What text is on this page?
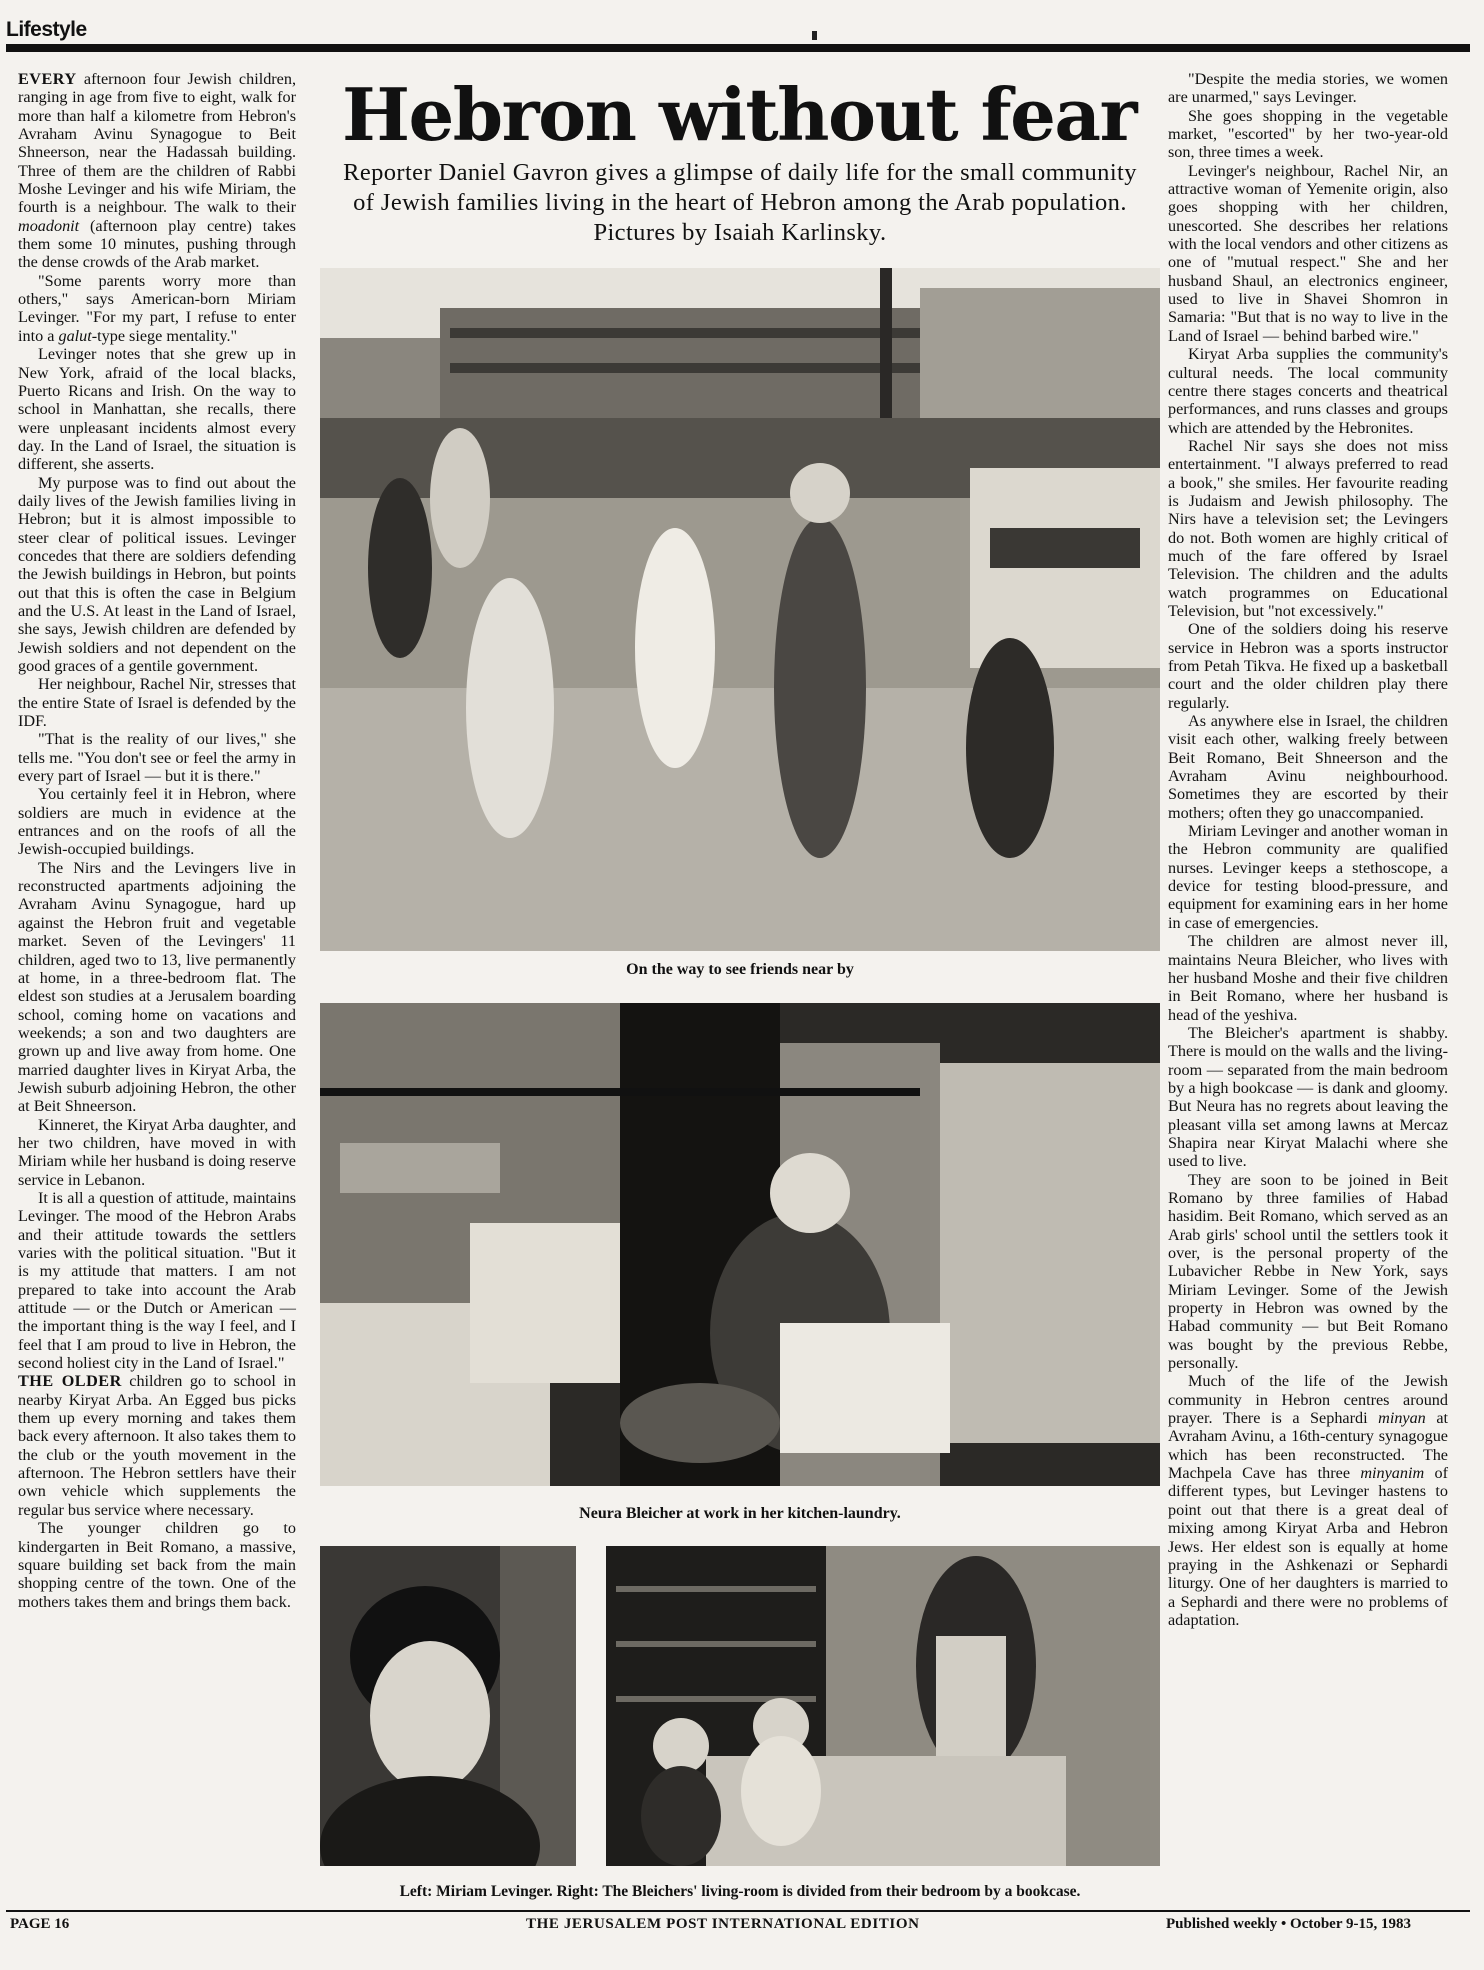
Lifestyle

EVERY afternoon four Jewish children, ranging in age from five to eight, walk for more than half a kilometre from Hebron's Avraham Avinu Synagogue to Beit Shneerson, near the Hadassah building. Three of them are the children of Rabbi Moshe Levinger and his wife Miriam, the fourth is a neighbour. The walk to their moadonit (afternoon play centre) takes them some 10 minutes, pushing through the dense crowds of the Arab market.

"Some parents worry more than others," says American-born Miriam Levinger. "For my part, I refuse to enter into a galut-type siege mentality."

Levinger notes that she grew up in New York, afraid of the local blacks, Puerto Ricans and Irish. On the way to school in Manhattan, she recalls, there were unpleasant incidents almost every day. In the Land of Israel, the situation is different, she asserts.

My purpose was to find out about the daily lives of the Jewish families living in Hebron; but it is almost impossible to steer clear of political issues. Levinger concedes that there are soldiers defending the Jewish buildings in Hebron, but points out that this is often the case in Belgium and the U.S. At least in the Land of Israel, she says, Jewish children are defended by Jewish soldiers and not dependent on the good graces of a gentile government.

Her neighbour, Rachel Nir, stresses that the entire State of Israel is defended by the IDF.

"That is the reality of our lives," she tells me. "You don't see or feel the army in every part of Israel — but it is there."

You certainly feel it in Hebron, where soldiers are much in evidence at the entrances and on the roofs of all the Jewish-occupied buildings.

The Nirs and the Levingers live in reconstructed apartments adjoining the Avraham Avinu Synagogue, hard up against the Hebron fruit and vegetable market. Seven of the Levingers' 11 children, aged two to 13, live permanently at home, in a three-bedroom flat. The eldest son studies at a Jerusalem boarding school, coming home on vacations and weekends; a son and two daughters are grown up and live away from home. One married daughter lives in Kiryat Arba, the Jewish suburb adjoining Hebron, the other at Beit Shneerson.

Kinneret, the Kiryat Arba daughter, and her two children, have moved in with Miriam while her husband is doing reserve service in Lebanon.

It is all a question of attitude, maintains Levinger. The mood of the Hebron Arabs and their attitude towards the settlers varies with the political situation. "But it is my attitude that matters. I am not prepared to take into account the Arab attitude — or the Dutch or American — the important thing is the way I feel, and I feel that I am proud to live in Hebron, the second holiest city in the Land of Israel."

THE OLDER children go to school in nearby Kiryat Arba. An Egged bus picks them up every morning and takes them back every afternoon. It also takes them to the club or the youth movement in the afternoon. The Hebron settlers have their own vehicle which supplements the regular bus service where necessary.

The younger children go to kindergarten in Beit Romano, a massive, square building set back from the main shopping centre of the town. One of the mothers takes them and brings them back.

Hebron without fear

Reporter Daniel Gavron gives a glimpse of daily life for the small community of Jewish families living in the heart of Hebron among the Arab population. Pictures by Isaiah Karlinsky.

On the way to see friends near by
Neura Bleicher at work in her kitchen-laundry.
Left: Miriam Levinger. Right: The Bleichers' living-room is divided from their bedroom by a bookcase.

"Despite the media stories, we women are unarmed," says Levinger.

She goes shopping in the vegetable market, "escorted" by her two-year-old son, three times a week.

Levinger's neighbour, Rachel Nir, an attractive woman of Yemenite origin, also goes shopping with her children, unescorted. She describes her relations with the local vendors and other citizens as one of "mutual respect." She and her husband Shaul, an electronics engineer, used to live in Shavei Shomron in Samaria: "But that is no way to live in the Land of Israel — behind barbed wire."

Kiryat Arba supplies the community's cultural needs. The local community centre there stages concerts and theatrical performances, and runs classes and groups which are attended by the Hebronites.

Rachel Nir says she does not miss entertainment. "I always preferred to read a book," she smiles. Her favourite reading is Judaism and Jewish philosophy. The Nirs have a television set; the Levingers do not. Both women are highly critical of much of the fare offered by Israel Television. The children and the adults watch programmes on Educational Television, but "not excessively."

One of the soldiers doing his reserve service in Hebron was a sports instructor from Petah Tikva. He fixed up a basketball court and the older children play there regularly.

As anywhere else in Israel, the children visit each other, walking freely between Beit Romano, Beit Shneerson and the Avraham Avinu neighbourhood. Sometimes they are escorted by their mothers; often they go unaccompanied.

Miriam Levinger and another woman in the Hebron community are qualified nurses. Levinger keeps a stethoscope, a device for testing blood-pressure, and equipment for examining ears in her home in case of emergencies.

The children are almost never ill, maintains Neura Bleicher, who lives with her husband Moshe and their five children in Beit Romano, where her husband is head of the yeshiva.

The Bleicher's apartment is shabby. There is mould on the walls and the living-room — separated from the main bedroom by a high bookcase — is dank and gloomy. But Neura has no regrets about leaving the pleasant villa set among lawns at Mercaz Shapira near Kiryat Malachi where she used to live.

They are soon to be joined in Beit Romano by three families of Habad hasidim. Beit Romano, which served as an Arab girls' school until the settlers took it over, is the personal property of the Lubavicher Rebbe in New York, says Miriam Levinger. Some of the Jewish property in Hebron was owned by the Habad community — but Beit Romano was bought by the previous Rebbe, personally.

Much of the life of the Jewish community in Hebron centres around prayer. There is a Sephardi minyan at Avraham Avinu, a 16th-century synagogue which has been reconstructed. The Machpela Cave has three minyanim of different types, but Levinger hastens to point out that there is a great deal of mixing among Kiryat Arba and Hebron Jews. Her eldest son is equally at home praying in the Ashkenazi or Sephardi liturgy. One of her daughters is married to a Sephardi and there were no problems of adaptation.

PAGE 16	THE JERUSALEM POST INTERNATIONAL EDITION	Published weekly • October 9-15, 1983
